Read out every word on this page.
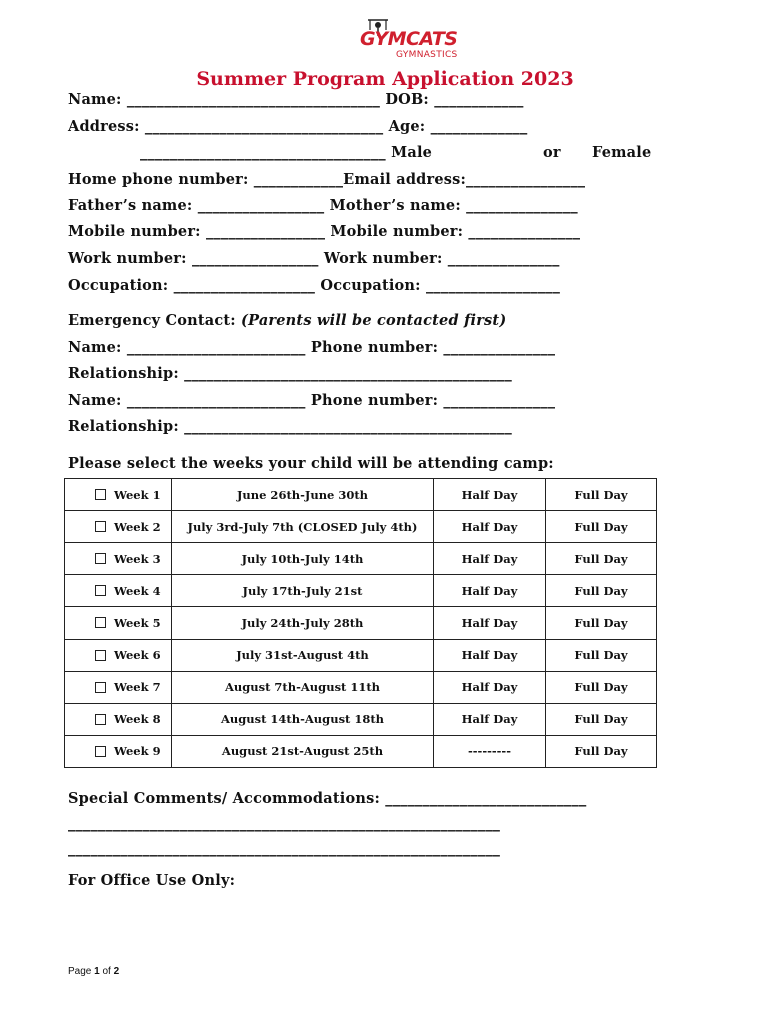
GYMCATS
GYMNASTICS
Summer Program Application 2023
Name: __________________________________ DOB: ____________
Address: ________________________________ Age: _____________
_________________________________ Male	or Female
Home phone number: ____________Email address:________________
Father’s name: _________________ Mother’s name: _______________
Mobile number: ________________ Mobile number: _______________
Work number: _________________ Work number: _______________
Occupation: ___________________ Occupation: __________________
Emergency Contact: (Parents will be contacted first)
Name: ________________________ Phone number: _______________
Relationship: ____________________________________________
Name: ________________________ Phone number: _______________
Relationship: ____________________________________________
Please select the weeks your child will be attending camp:
Week 1	June 26th-June 30th	Half Day	Full Day

Week 2	July 3rd-July 7th (CLOSED July 4th)	Half Day	Full Day

Week 3	July 10th-July 14th	Half Day	Full Day

Week 4	July 17th-July 21st	Half Day	Full Day

Week 5	July 24th-July 28th	Half Day	Full Day

Week 6	July 31st-August 4th	Half Day	Full Day

Week 7	August 7th-August 11th	Half Day	Full Day

Week 8	August 14th-August 18th	Half Day	Full Day

Week 9	August 21st-August 25th	---------	Full Day
Special Comments/ Accommodations: ___________________________
__________________________________________________________
__________________________________________________________
For Office Use Only:
Page 1 of 2
